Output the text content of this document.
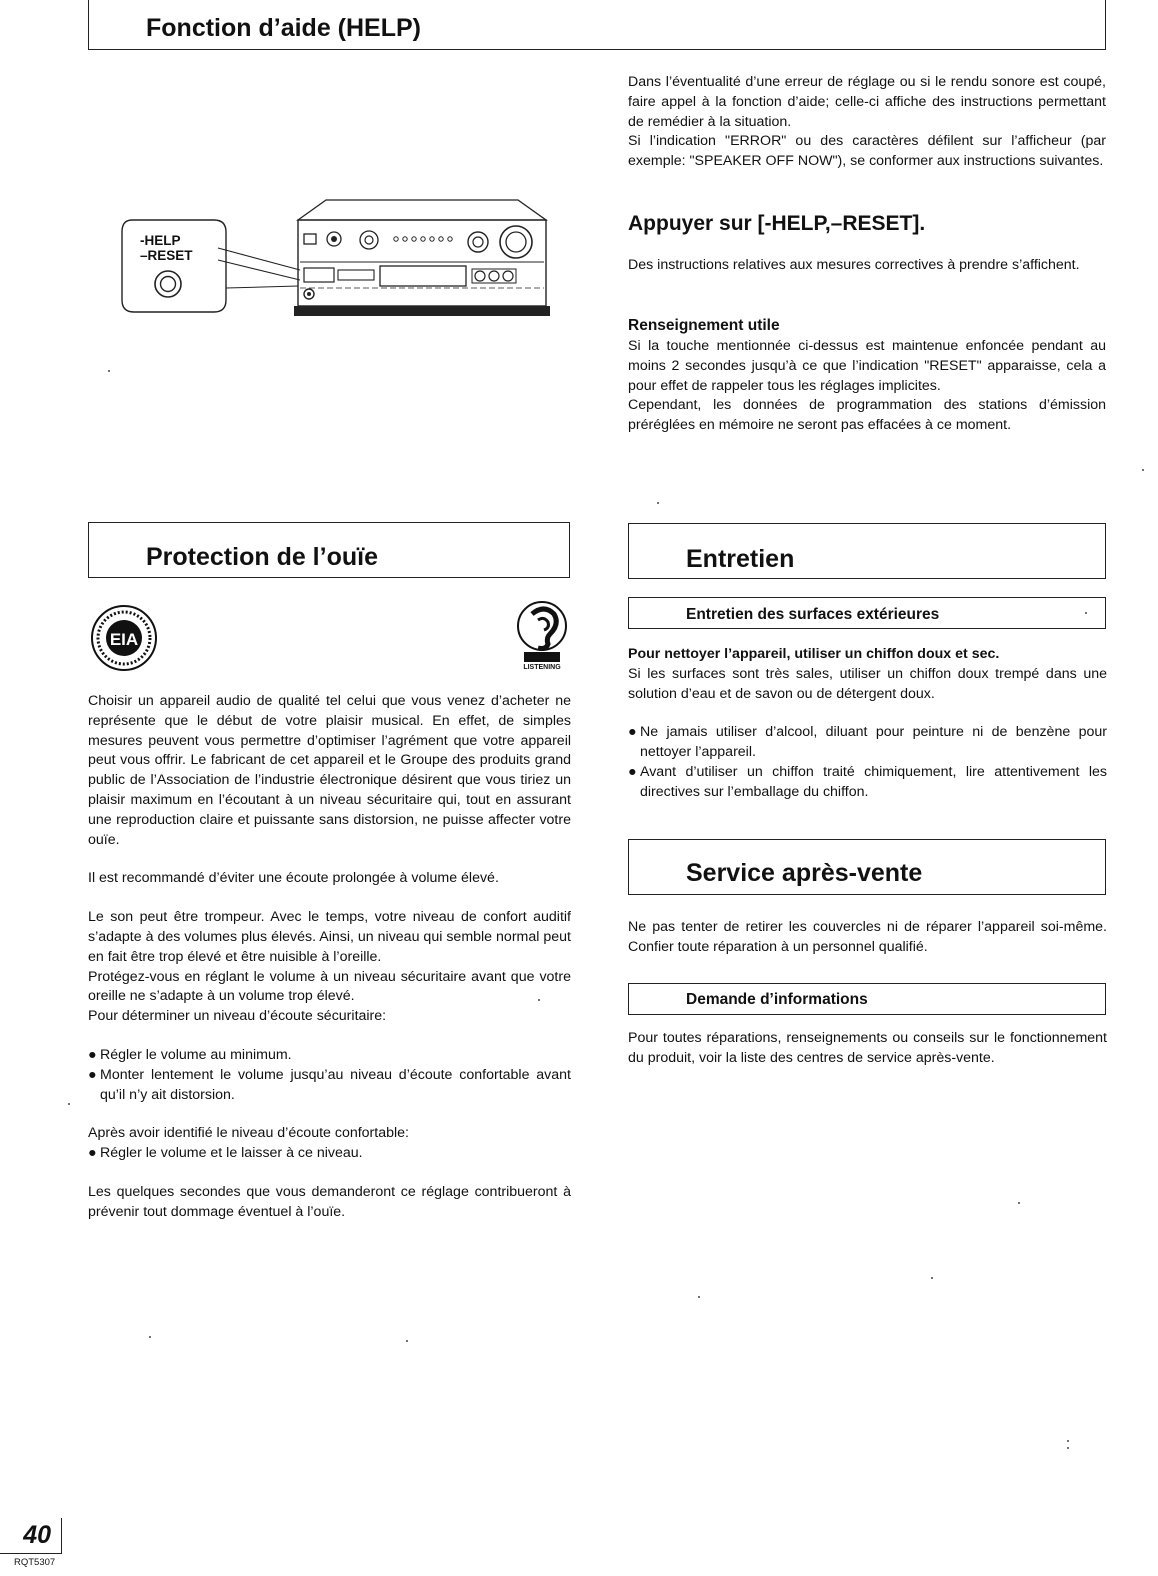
Fonction d’aide (HELP)
-HELP
–RESET

Dans l’éventualité d’une erreur de réglage ou si le rendu sonore est coupé, faire appel à la fonction d’aide; celle-ci affiche des instructions permettant de remédier à la situation.

Si l’indication "ERROR" ou des caractères défilent sur l’afficheur (par exemple: "SPEAKER OFF NOW"), se conformer aux instructions suivantes.

Appuyer sur [-HELP,–RESET].

Des instructions relatives aux mesures correctives à prendre s’affichent.

Renseignement utile

Si la touche mentionnée ci-dessus est maintenue enfoncée pendant au moins 2 secondes jusqu’à ce que l’indication "RESET" apparaisse, cela a pour effet de rappeler tous les réglages implicites.

Cependant, les données de programmation des stations d’émission préréglées en mémoire ne seront pas effacées à ce moment.

Protection de l’ouïe
EIA
LISTENING

Choisir un appareil audio de qualité tel celui que vous venez d’acheter ne représente que le début de votre plaisir musical. En effet, de simples mesures peuvent vous permettre d’optimiser l’agrément que votre appareil peut vous offrir. Le fabricant de cet appareil et le Groupe des produits grand public de l’Association de l’industrie électronique désirent que vous tiriez un plaisir maximum en l’écoutant à un niveau sécuritaire qui, tout en assurant une reproduction claire et puissante sans distorsion, ne puisse affecter votre ouïe.

Il est recommandé d’éviter une écoute prolongée à volume élevé.

Le son peut être trompeur. Avec le temps, votre niveau de confort auditif s’adapte à des volumes plus élevés. Ainsi, un niveau qui semble normal peut en fait être trop élevé et être nuisible à l’oreille.

Protégez-vous en réglant le volume à un niveau sécuritaire avant que votre oreille ne s’adapte à un volume trop élevé.

Pour déterminer un niveau d’écoute sécuritaire:

● Régler le volume au minimum.
● Monter lentement le volume jusqu’au niveau d’écoute confortable avant qu’il n’y ait distorsion.

Après avoir identifié le niveau d’écoute confortable:

● Régler le volume et le laisser à ce niveau.

Les quelques secondes que vous demanderont ce réglage contribueront à prévenir tout dommage éventuel à l’ouïe.

Entretien
Entretien des surfaces extérieures

Pour nettoyer l’appareil, utiliser un chiffon doux et sec.

Si les surfaces sont très sales, utiliser un chiffon doux trempé dans une solution d’eau et de savon ou de détergent doux.

● Ne jamais utiliser d’alcool, diluant pour peinture ni de benzène pour nettoyer l’appareil.
● Avant d’utiliser un chiffon traité chimiquement, lire attentivement les directives sur l’emballage du chiffon.
Service après-vente

Ne pas tenter de retirer les couvercles ni de réparer l’appareil soi-même. Confier toute réparation à un personnel qualifié.

Demande d’informations

Pour toutes réparations, renseignements ou conseils sur le fonctionnement du produit, voir la liste des centres de service après-vente.

40
RQT5307
